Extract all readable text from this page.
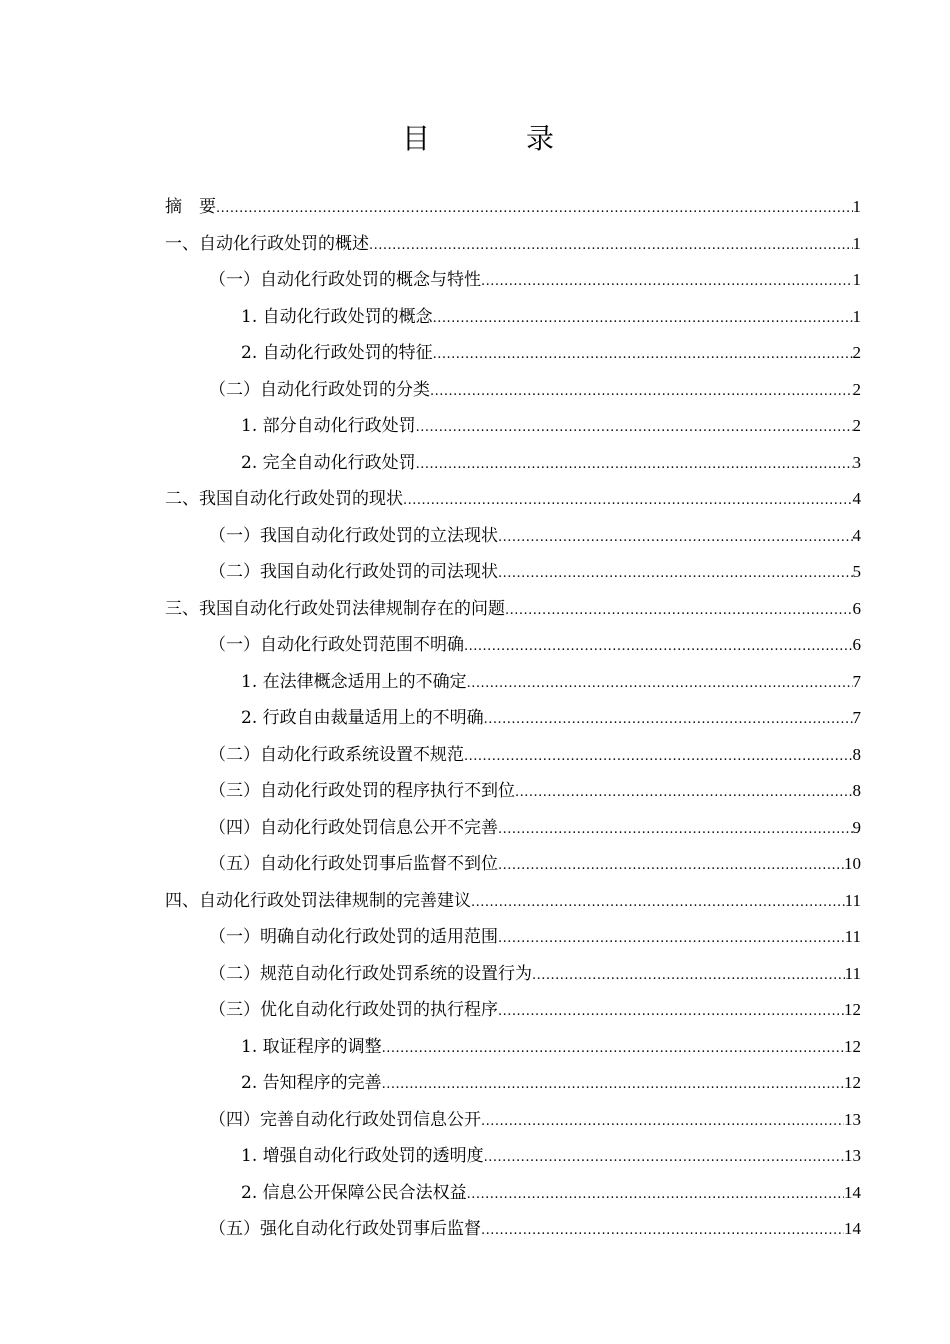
目　录
摘　要 .....	1
一、自动化行政处罚的概述 .....	1
（一）自动化行政处罚的概念与特性 .....	1
1. 自动化行政处罚的概念 .....	1
2. 自动化行政处罚的特征 .....	2
（二）自动化行政处罚的分类 .....	2
1. 部分自动化行政处罚 .....	2
2. 完全自动化行政处罚 .....	3
二、我国自动化行政处罚的现状 .....	4
（一）我国自动化行政处罚的立法现状 .....	4
（二）我国自动化行政处罚的司法现状 .....	5
三、我国自动化行政处罚法律规制存在的问题 .....	6
（一）自动化行政处罚范围不明确 .....	6
1. 在法律概念适用上的不确定 .....	7
2. 行政自由裁量适用上的不明确 .....	7
（二）自动化行政系统设置不规范 .....	8
（三）自动化行政处罚的程序执行不到位 .....	8
（四）自动化行政处罚信息公开不完善 .....	9
（五）自动化行政处罚事后监督不到位 .....	10
四、自动化行政处罚法律规制的完善建议 .....	11
（一）明确自动化行政处罚的适用范围 .....	11
（二）规范自动化行政处罚系统的设置行为 .....	11
（三）优化自动化行政处罚的执行程序 .....	12
1. 取证程序的调整 .....	12
2. 告知程序的完善 .....	12
（四）完善自动化行政处罚信息公开 .....	13
1. 增强自动化行政处罚的透明度 .....	13
2. 信息公开保障公民合法权益 .....	14
（五）强化自动化行政处罚事后监督 .....	14
